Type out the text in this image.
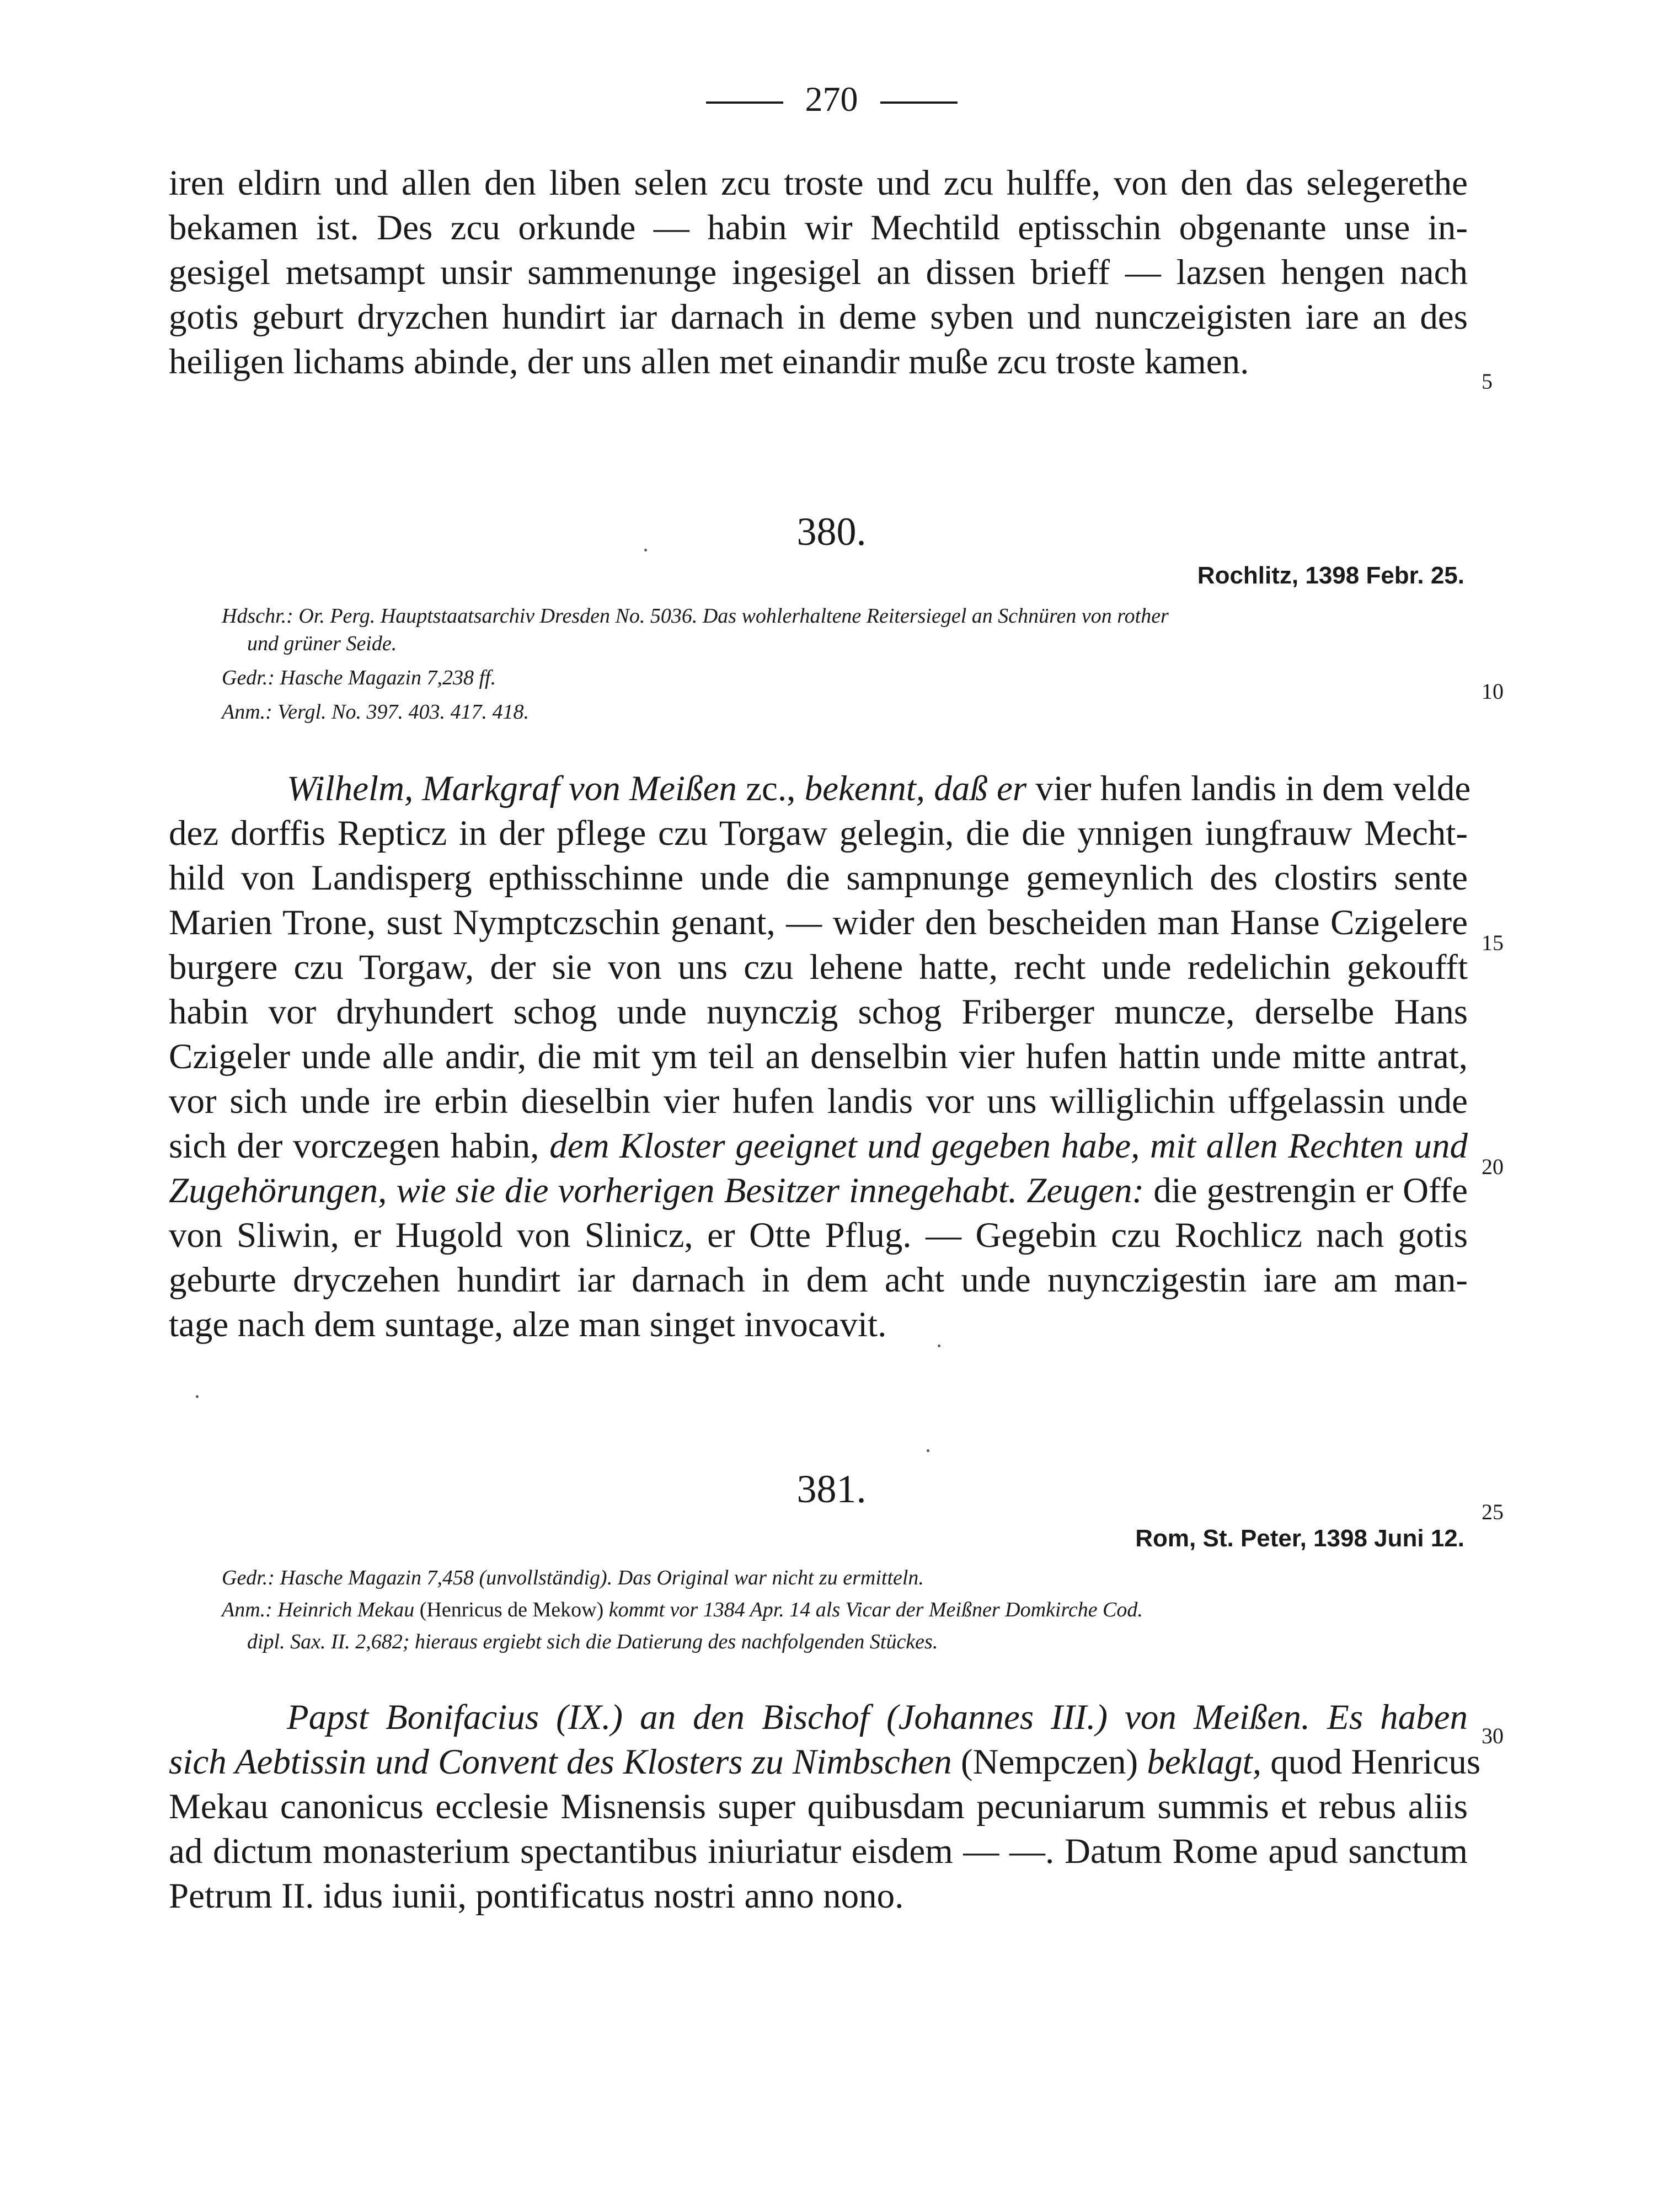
270
iren eldirn und allen den liben selen zcu troste und zcu hulffe, von den das selegerethe
bekamen ist. Des zcu orkunde — habin wir Mechtild eptisschin obgenante unse in-
gesigel metsampt unsir sammenunge ingesigel an dissen brieff — lazsen hengen nach
gotis geburt dryzchen hundirt iar darnach in deme syben und nunczeigisten iare an des
heiligen lichams abinde, der uns allen met einandir muße zcu troste kamen.	5
10
15
20
25
30
380.
Rochlitz, 1398 Febr. 25.
Hdschr.: Or. Perg. Hauptstaatsarchiv Dresden No. 5036. Das wohlerhaltene Reitersiegel an Schnüren von rother
und grüner Seide.
Gedr.: Hasche Magazin 7,238 ff.
Anm.: Vergl. No. 397. 403. 417. 418.
Wilhelm, Markgraf von Meißen zc., bekennt, daß er vier hufen landis in dem velde
dez dorffis Repticz in der pflege czu Torgaw gelegin, die die ynnigen iungfrauw Mecht-
hild von Landisperg epthisschinne unde die sampnunge gemeynlich des clostirs sente
Marien Trone, sust Nymptczschin genant, — wider den bescheiden man Hanse Czigelere
burgere czu Torgaw, der sie von uns czu lehene hatte, recht unde redelichin gekoufft
habin vor dryhundert schog unde nuynczig schog Friberger muncze, derselbe Hans
Czigeler unde alle andir, die mit ym teil an denselbin vier hufen hattin unde mitte antrat,
vor sich unde ire erbin dieselbin vier hufen landis vor uns williglichin uffgelassin unde
sich der vorczegen habin, dem Kloster geeignet und gegeben habe, mit allen Rechten und
Zugehörungen, wie sie die vorherigen Besitzer innegehabt. Zeugen: die gestrengin er Offe
von Sliwin, er Hugold von Slinicz, er Otte Pflug. — Gegebin czu Rochlicz nach gotis
geburte dryczehen hundirt iar darnach in dem acht unde nuynczigestin iare am man-
tage nach dem suntage, alze man singet invocavit.
381.
Rom, St. Peter, 1398 Juni 12.
Gedr.: Hasche Magazin 7,458 (unvollständig). Das Original war nicht zu ermitteln.
Anm.: Heinrich Mekau (Henricus de Mekow) kommt vor 1384 Apr. 14 als Vicar der Meißner Domkirche Cod.
dipl. Sax. II. 2,682; hieraus ergiebt sich die Datierung des nachfolgenden Stückes.
Papst Bonifacius (IX.) an den Bischof (Johannes III.) von Meißen. Es haben
sich Aebtissin und Convent des Klosters zu Nimbschen (Nempczen) beklagt, quod Henricus
Mekau canonicus ecclesie Misnensis super quibusdam pecuniarum summis et rebus aliis
ad dictum monasterium spectantibus iniuriatur eisdem — —. Datum Rome apud sanctum
Petrum II. idus iunii, pontificatus nostri anno nono.
